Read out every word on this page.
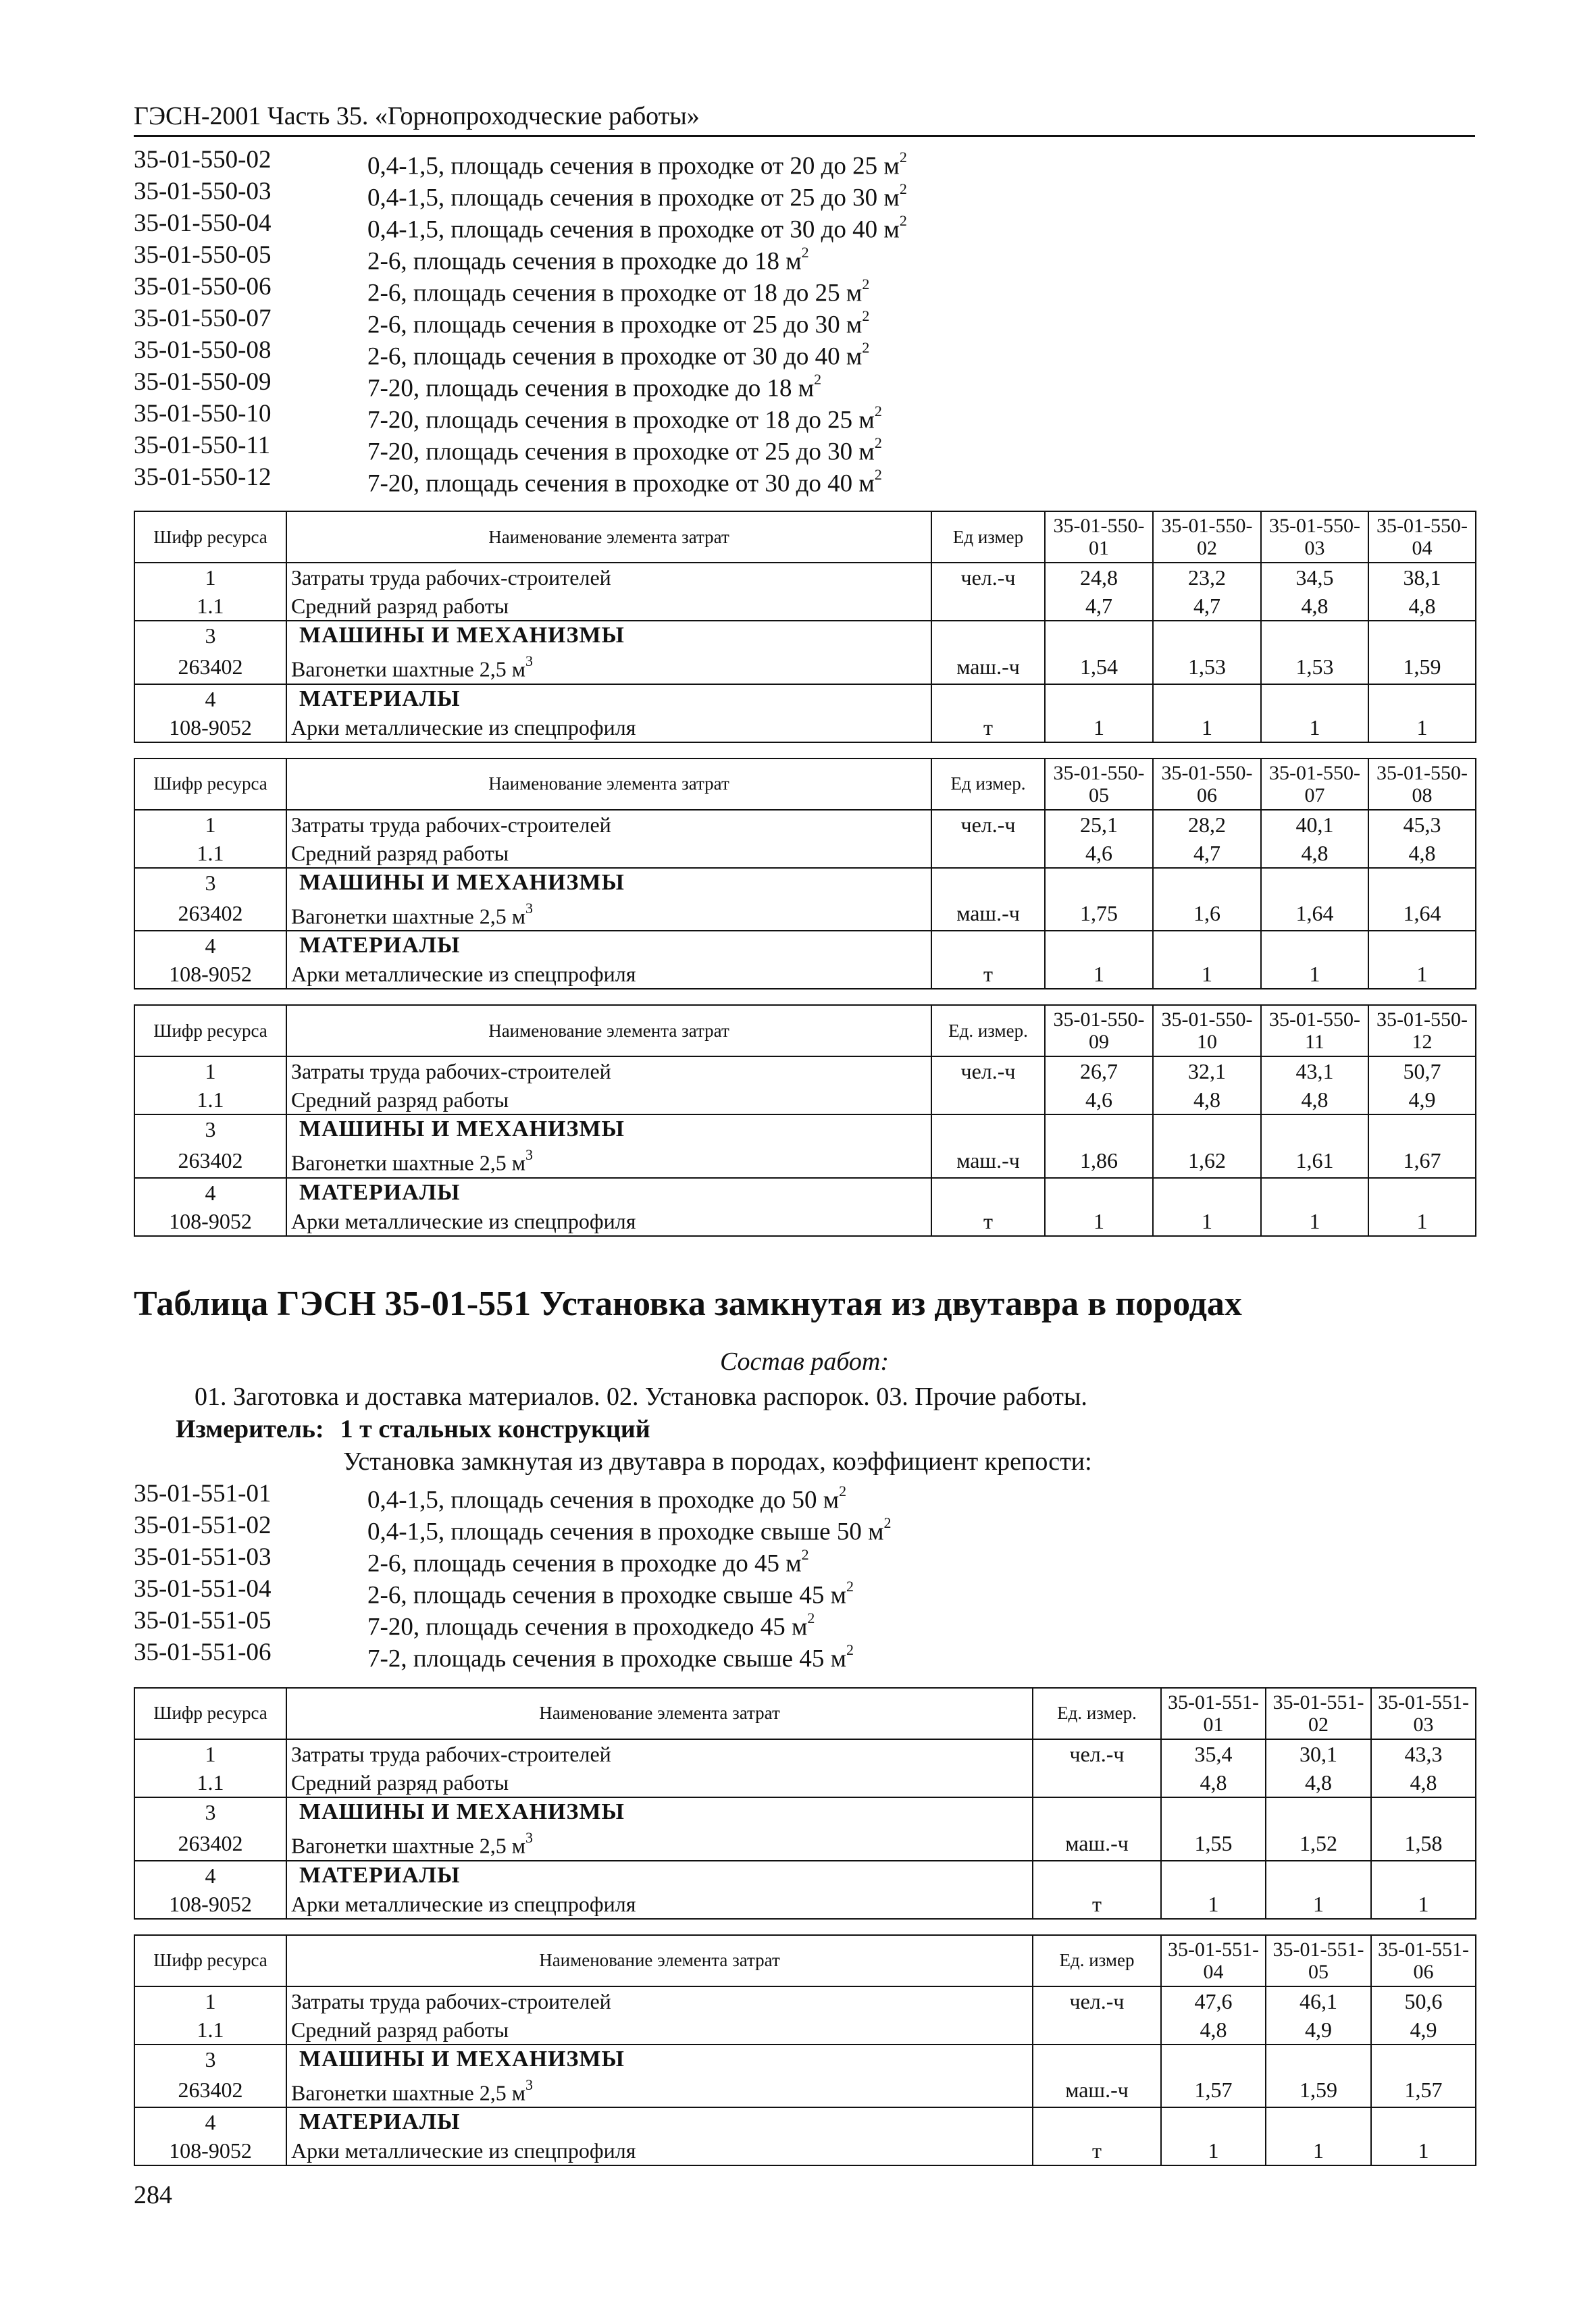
ГЭСН-2001 Часть 35. «Горнопроходческие работы»
35-01-550-02	0,4-1,5, площадь сечения в проходке от 20 до 25 $м^2$
35-01-550-03	0,4-1,5, площадь сечения в проходке от 25 до 30 $м^2$
35-01-550-04	0,4-1,5, площадь сечения в проходке от 30 до 40 $м^2$
35-01-550-05	2-6, площадь сечения в проходке до 18 $м^2$
35-01-550-06	2-6, площадь сечения в проходке от 18 до 25 $м^2$
35-01-550-07	2-6, площадь сечения в проходке от 25 до 30 $м^2$
35-01-550-08	2-6, площадь сечения в проходке от 30 до 40 $м^2$
35-01-550-09	7-20, площадь сечения в проходке до 18 $м^2$
35-01-550-10	7-20, площадь сечения в проходке от 18 до 25 $м^2$
35-01-550-11	7-20, площадь сечения в проходке от 25 до 30 $м^2$
35-01-550-12	7-20, площадь сечения в проходке от 30 до 40 $м^2$
Шифр ресурса	Наименование элемента затрат	Ед измер	35-01-550-01	35-01-550-02	35-01-550-03	35-01-550-04
1	Затраты труда рабочих-строителей	чел.-ч	24,8	23,2	34,5	38,1
1.1	Средний разряд работы		4,7	4,7	4,8	4,8
3	МАШИНЫ И МЕХАНИЗМЫ					
263402	Вагонетки шахтные 2,5 $м^3$	маш.-ч	1,54	1,53	1,53	1,59
4	МАТЕРИАЛЫ					
108-9052	Арки металлические из спецпрофиля	т	1	1	1	1
Шифр ресурса	Наименование элемента затрат	Ед измер.	35-01-550-05	35-01-550-06	35-01-550-07	35-01-550-08
1	Затраты труда рабочих-строителей	чел.-ч	25,1	28,2	40,1	45,3
1.1	Средний разряд работы		4,6	4,7	4,8	4,8
3	МАШИНЫ И МЕХАНИЗМЫ					
263402	Вагонетки шахтные 2,5 $м^3$	маш.-ч	1,75	1,6	1,64	1,64
4	МАТЕРИАЛЫ					
108-9052	Арки металлические из спецпрофиля	т	1	1	1	1
Шифр ресурса	Наименование элемента затрат	Ед. измер.	35-01-550-09	35-01-550-10	35-01-550-11	35-01-550-12
1	Затраты труда рабочих-строителей	чел.-ч	26,7	32,1	43,1	50,7
1.1	Средний разряд работы		4,6	4,8	4,8	4,9
3	МАШИНЫ И МЕХАНИЗМЫ					
263402	Вагонетки шахтные 2,5 $м^3$	маш.-ч	1,86	1,62	1,61	1,67
4	МАТЕРИАЛЫ					
108-9052	Арки металлические из спецпрофиля	т	1	1	1	1
Таблица ГЭСН 35-01-551 Установка замкнутая из двутавра в породах
Состав работ:
01. Заготовка и доставка материалов. 02. Установка распорок. 03. Прочие работы.
Измеритель: 1 т стальных конструкций
Установка замкнутая из двутавра в породах, коэффициент крепости:
35-01-551-01	0,4-1,5, площадь сечения в проходке до 50 $м^2$
35-01-551-02	0,4-1,5, площадь сечения в проходке свыше 50 $м^2$
35-01-551-03	2-6, площадь сечения в проходке до 45 $м^2$
35-01-551-04	2-6, площадь сечения в проходке свыше 45 $м^2$
35-01-551-05	7-20, площадь сечения в проходкедо 45 $м^2$
35-01-551-06	7-2, площадь сечения в проходке свыше 45 $м^2$
Шифр ресурса	Наименование элемента затрат	Ед. измер.	35-01-551-01	35-01-551-02	35-01-551-03
1	Затраты труда рабочих-строителей	чел.-ч	35,4	30,1	43,3
1.1	Средний разряд работы		4,8	4,8	4,8
3	МАШИНЫ И МЕХАНИЗМЫ				
263402	Вагонетки шахтные 2,5 $м^3$	маш.-ч	1,55	1,52	1,58
4	МАТЕРИАЛЫ				
108-9052	Арки металлические из спецпрофиля	т	1	1	1
Шифр ресурса	Наименование элемента затрат	Ед. измер	35-01-551-04	35-01-551-05	35-01-551-06
1	Затраты труда рабочих-строителей	чел.-ч	47,6	46,1	50,6
1.1	Средний разряд работы		4,8	4,9	4,9
3	МАШИНЫ И МЕХАНИЗМЫ				
263402	Вагонетки шахтные 2,5 $м^3$	маш.-ч	1,57	1,59	1,57
4	МАТЕРИАЛЫ				
108-9052	Арки металлические из спецпрофиля	т	1	1	1
284
